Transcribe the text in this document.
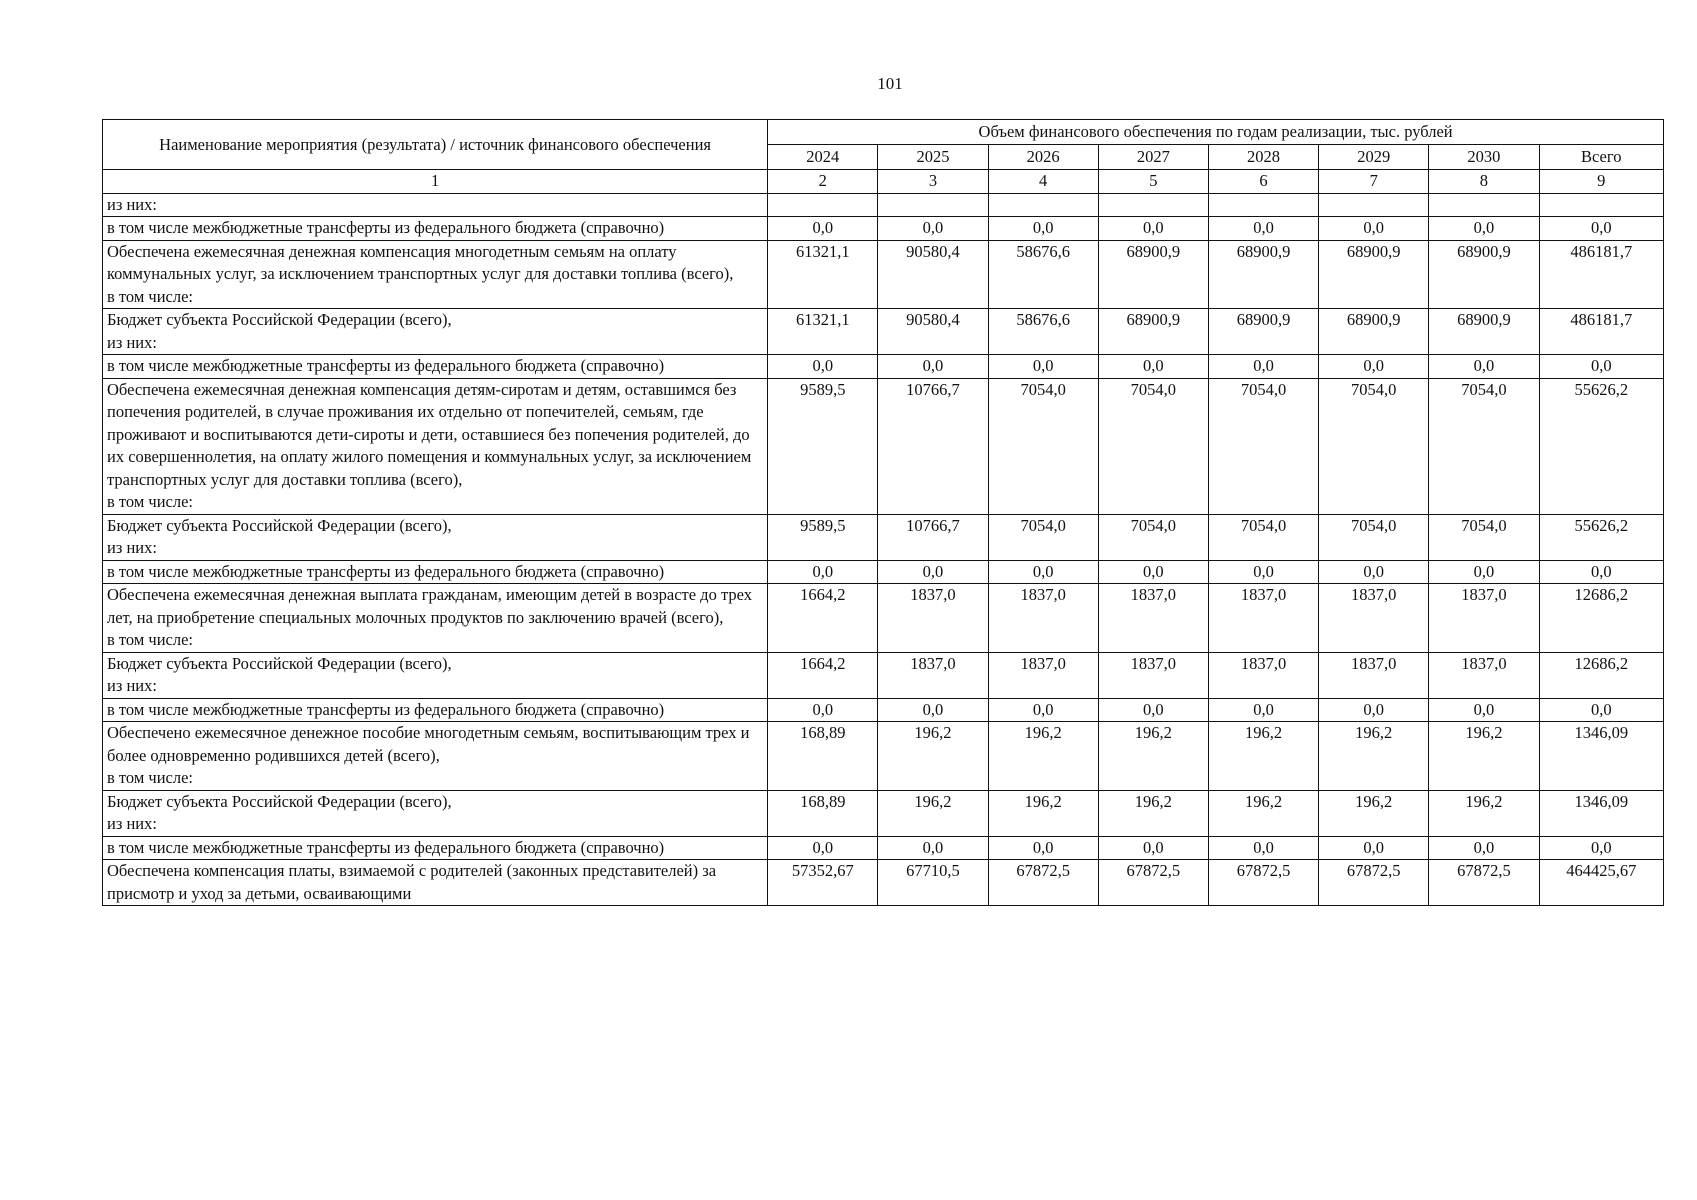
101
Наименование мероприятия (результата) / источник финансового обеспечения	Объем финансового обеспечения по годам реализации, тыс. рублей							
	2024	2025	2026	2027	2028	2029	2030	Всего
1	2	3	4	5	6	7	8	9

из них:								

в том числе межбюджетные трансферты из федерального бюджета (справочно)	0,0	0,0	0,0	0,0	0,0	0,0	0,0	0,0

Обеспечена ежемесячная денежная компенсация многодетным семьям на оплату коммунальных услуг, за исключением транспортных услуг для доставки топлива (всего),
в том числе:	61321,1	90580,4	58676,6	68900,9	68900,9	68900,9	68900,9	486181,7

Бюджет субъекта Российской Федерации (всего),
из них:	61321,1	90580,4	58676,6	68900,9	68900,9	68900,9	68900,9	486181,7

в том числе межбюджетные трансферты из федерального бюджета (справочно)	0,0	0,0	0,0	0,0	0,0	0,0	0,0	0,0

Обеспечена ежемесячная денежная компенсация детям-сиротам и детям, оставшимся без попечения родителей, в случае проживания их отдельно от попечителей, семьям, где проживают и воспитываются дети-сироты и дети, оставшиеся без попечения родителей, до их совершеннолетия, на оплату жилого помещения и коммунальных услуг, за исключением транспортных услуг для доставки топлива (всего),
в том числе:	9589,5	10766,7	7054,0	7054,0	7054,0	7054,0	7054,0	55626,2

Бюджет субъекта Российской Федерации (всего),
из них:	9589,5	10766,7	7054,0	7054,0	7054,0	7054,0	7054,0	55626,2

в том числе межбюджетные трансферты из федерального бюджета (справочно)	0,0	0,0	0,0	0,0	0,0	0,0	0,0	0,0

Обеспечена ежемесячная денежная выплата гражданам, имеющим детей в возрасте до трех лет, на приобретение специальных молочных продуктов по заключению врачей (всего),
в том числе:	1664,2	1837,0	1837,0	1837,0	1837,0	1837,0	1837,0	12686,2

Бюджет субъекта Российской Федерации (всего),
из них:	1664,2	1837,0	1837,0	1837,0	1837,0	1837,0	1837,0	12686,2

в том числе межбюджетные трансферты из федерального бюджета (справочно)	0,0	0,0	0,0	0,0	0,0	0,0	0,0	0,0

Обеспечено ежемесячное денежное пособие многодетным семьям, воспитывающим трех и более одновременно родившихся детей (всего),
в том числе:	168,89	196,2	196,2	196,2	196,2	196,2	196,2	1346,09

Бюджет субъекта Российской Федерации (всего),
из них:	168,89	196,2	196,2	196,2	196,2	196,2	196,2	1346,09

в том числе межбюджетные трансферты из федерального бюджета (справочно)	0,0	0,0	0,0	0,0	0,0	0,0	0,0	0,0

Обеспечена компенсация платы, взимаемой с родителей (законных представителей) за присмотр и уход за детьми, осваивающими	57352,67	67710,5	67872,5	67872,5	67872,5	67872,5	67872,5	464425,67
